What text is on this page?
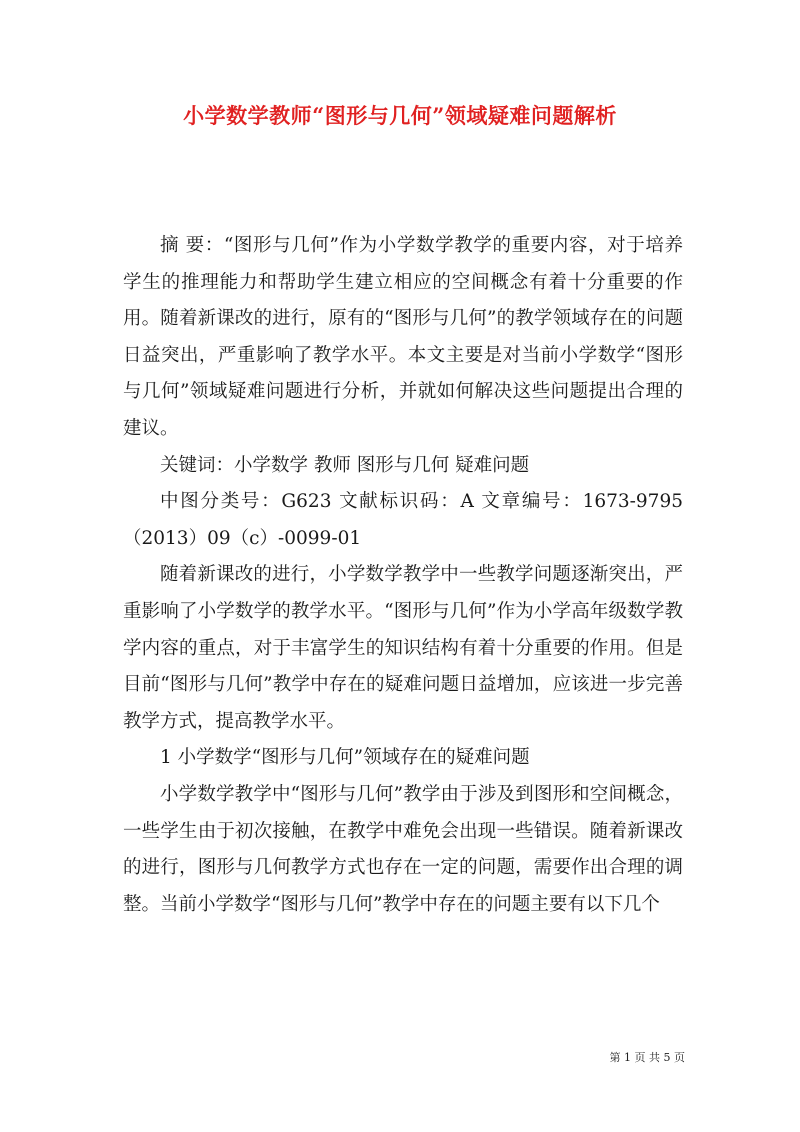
小学数学教师“图形与几何”领域疑难问题解析

摘 要：“图形与几何”作为小学数学教学的重要内容，对于培养学生的推理能力和帮助学生建立相应的空间概念有着十分重要的作用。随着新课改的进行，原有的“图形与几何”的教学领域存在的问题日益突出，严重影响了教学水平。本文主要是对当前小学数学“图形与几何”领域疑难问题进行分析，并就如何解决这些问题提出合理的建议。

关键词：小学数学 教师 图形与几何 疑难问题

中图分类号：G623 文献标识码：A 文章编号：1673-9795（2013）09（c）-0099-01

随着新课改的进行，小学数学教学中一些教学问题逐渐突出，严重影响了小学数学的教学水平。“图形与几何”作为小学高年级数学教学内容的重点，对于丰富学生的知识结构有着十分重要的作用。但是目前“图形与几何”教学中存在的疑难问题日益增加，应该进一步完善教学方式，提高教学水平。

1 小学数学“图形与几何”领域存在的疑难问题

小学数学教学中“图形与几何”教学由于涉及到图形和空间概念，一些学生由于初次接触，在教学中难免会出现一些错误。随着新课改的进行，图形与几何教学方式也存在一定的问题，需要作出合理的调整。当前小学数学“图形与几何”教学中存在的问题主要有以下几个

第 1 页 共 5 页
